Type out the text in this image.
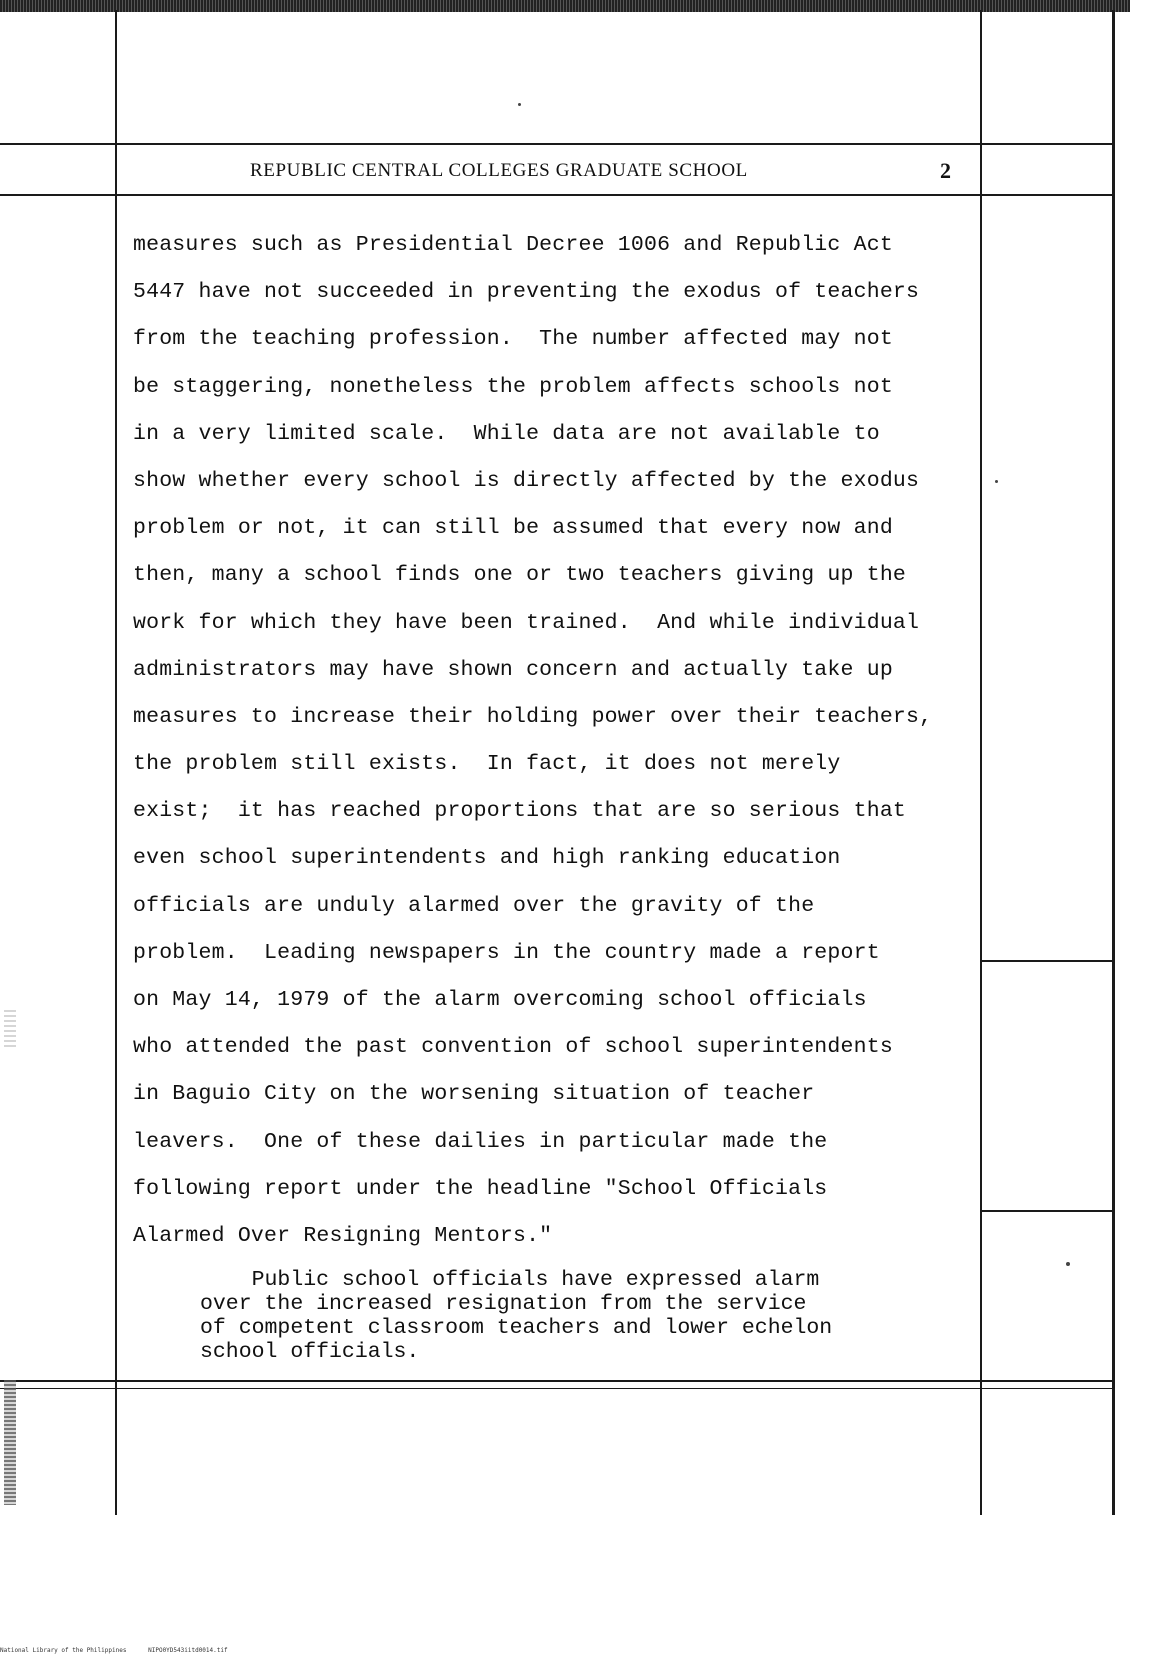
REPUBLIC CENTRAL COLLEGES GRADUATE SCHOOL	2
measures such as Presidential Decree 1006 and Republic Act
5447 have not succeeded in preventing the exodus of teachers
from the teaching profession.  The number affected may not
be staggering, nonetheless the problem affects schools not
in a very limited scale.  While data are not available to
show whether every school is directly affected by the exodus
problem or not, it can still be assumed that every now and
then, many a school finds one or two teachers giving up the
work for which they have been trained.  And while individual
administrators may have shown concern and actually take up
measures to increase their holding power over their teachers,
the problem still exists.  In fact, it does not merely
exist;  it has reached proportions that are so serious that
even school superintendents and high ranking education
officials are unduly alarmed over the gravity of the
problem.  Leading newspapers in the country made a report
on May 14, 1979 of the alarm overcoming school officials
who attended the past convention of school superintendents
in Baguio City on the worsening situation of teacher
leavers.  One of these dailies in particular made the
following report under the headline "School Officials
Alarmed Over Resigning Mentors."
Public school officials have expressed alarm
over the increased resignation from the service
of competent classroom teachers and lower echelon
school officials.
National Library of the Philippines	NIPO0YD543iitd0014.tif
